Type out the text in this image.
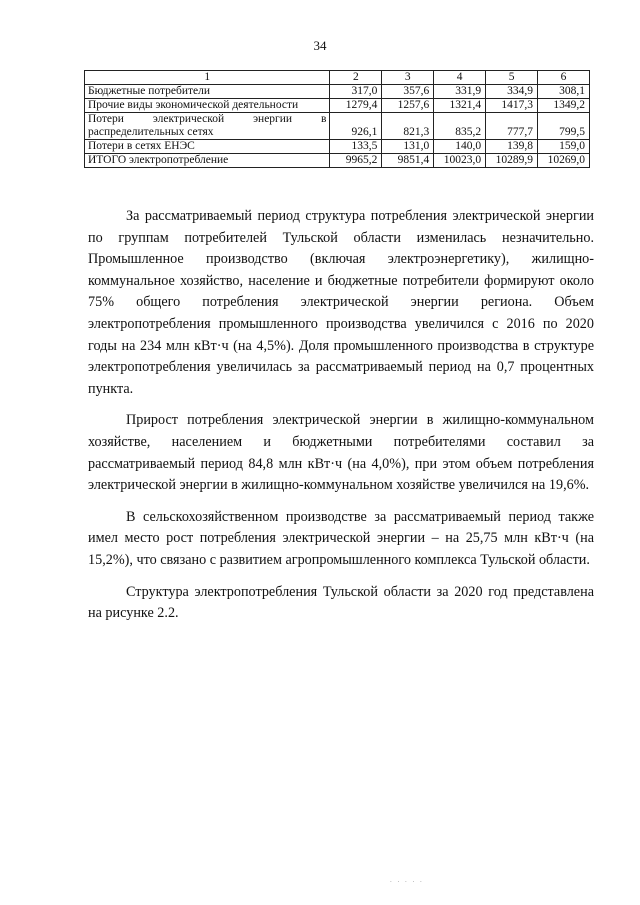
34
1	2	3	4	5	6
Бюджетные потребители	317,0	357,6	331,9	334,9	308,1
Прочие виды экономической деятельности	1279,4	1257,6	1321,4	1417,3	1349,2
Потери электрической энергии в распределительных сетях	926,1	821,3	835,2	777,7	799,5
Потери в сетях ЕНЭС	133,5	131,0	140,0	139,8	159,0
ИТОГО электропотребление	9965,2	9851,4	10023,0	10289,9	10269,0

За рассматриваемый период структура потребления электрической энергии по группам потребителей Тульской области изменилась незначительно. Промышленное производство (включая электроэнергетику), жилищно-коммунальное хозяйство, население и бюджетные потребители формируют около 75% общего потребления электрической энергии региона. Объем электропотребления промышленного производства увеличился с 2016 по 2020 годы на 234 млн кВт·ч (на 4,5%). Доля промышленного производства в структуре электропотребления увеличилась за рассматриваемый период на 0,7 процентных пункта.

Прирост потребления электрической энергии в жилищно-коммунальном хозяйстве, населением и бюджетными потребителями составил за рассматриваемый период 84,8 млн кВт·ч (на 4,0%), при этом объем потребления электрической энергии в жилищно-коммунальном хозяйстве увеличился на 19,6%.

В сельскохозяйственном производстве за рассматриваемый период также имел место рост потребления электрической энергии – на 25,75 млн кВт·ч (на 15,2%), что связано с развитием агропромышленного комплекса Тульской области.

Структура электропотребления Тульской области за 2020 год представлена на рисунке 2.2.

. . . . .
